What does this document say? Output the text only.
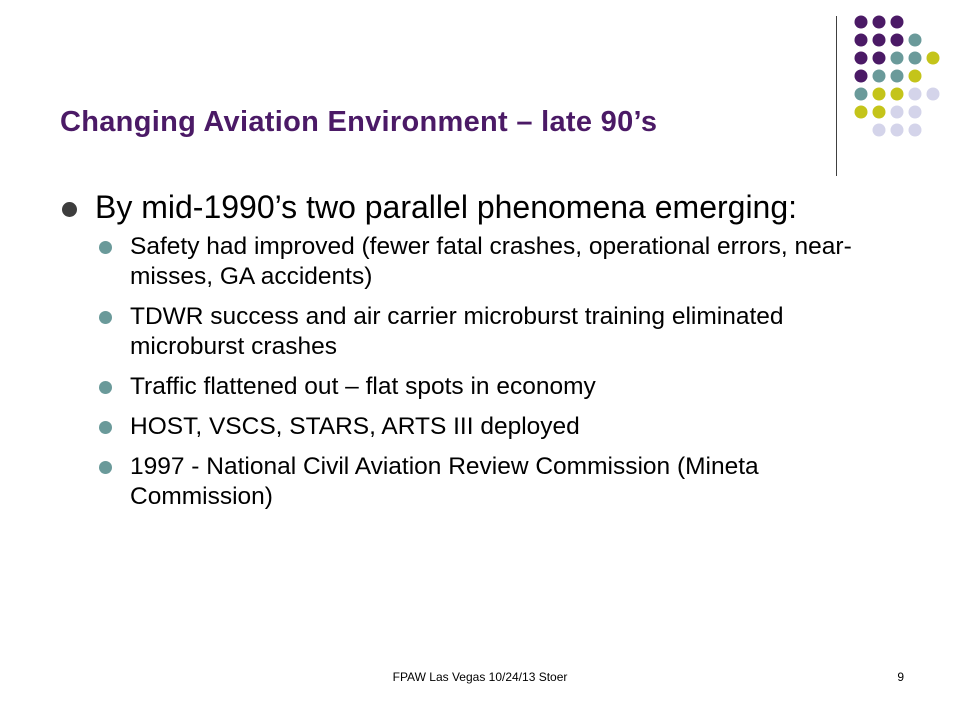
Changing Aviation Environment – late 90’s
By mid-1990’s two parallel phenomena emerging:
Safety had improved (fewer fatal crashes, operational errors, near-misses, GA accidents)
TDWR success and air carrier microburst training eliminated microburst crashes
Traffic flattened out – flat spots in economy
HOST, VSCS, STARS, ARTS III deployed
1997 - National Civil Aviation Review Commission (Mineta Commission)
FPAW Las Vegas 10/24/13 Stoer	9
